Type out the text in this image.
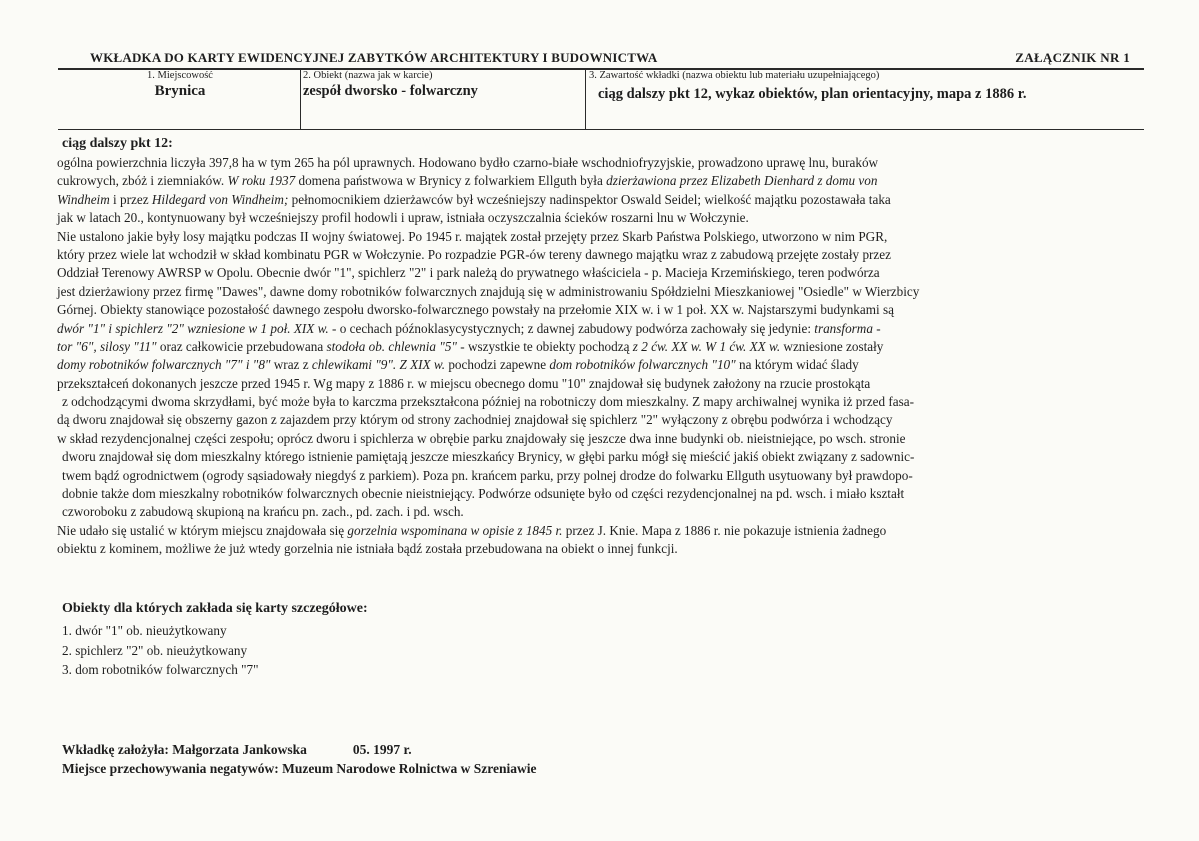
WKŁADKA DO KARTY EWIDENCYJNEJ ZABYTKÓW ARCHITEKTURY I BUDOWNICTWA	ZAŁĄCZNIK NR 1
1. Miejscowość
Brynica
2. Obiekt (nazwa jak w karcie)
zespół dworsko - folwarczny
3. Zawartość wkładki (nazwa obiektu lub materiału uzupełniającego)
ciąg dalszy pkt 12, wykaz obiektów, plan orientacyjny, mapa z 1886 r.
ciąg dalszy pkt 12:
ogólna powierzchnia liczyła 397,8 ha w tym 265 ha pól uprawnych. Hodowano bydło czarno-białe wschodniofryzyjskie, prowadzono uprawę lnu, buraków
cukrowych, zbóż i ziemniaków. W roku 1937 domena państwowa w Brynicy z folwarkiem Ellguth była dzierżawiona przez Elizabeth Dienhard z domu von
Windheim i przez Hildegard von Windheim; pełnomocnikiem dzierżawców był wcześniejszy nadinspektor Oswald Seidel; wielkość majątku pozostawała taka
jak w latach 20., kontynuowany był wcześniejszy profil hodowli i upraw, istniała oczyszczalnia ścieków roszarni lnu w Wołczynie.
Nie ustalono jakie były losy majątku podczas II wojny światowej. Po 1945 r. majątek został przejęty przez Skarb Państwa Polskiego, utworzono w nim PGR,
który przez wiele lat wchodził w skład kombinatu PGR w Wołczynie. Po rozpadzie PGR-ów tereny dawnego majątku wraz z zabudową przejęte zostały przez
Oddział Terenowy AWRSP w Opolu. Obecnie dwór "1", spichlerz "2" i park należą do prywatnego właściciela - p. Macieja Krzemińskiego, teren podwórza
jest dzierżawiony przez firmę "Dawes", dawne domy robotników folwarcznych znajdują się w administrowaniu Spółdzielni Mieszkaniowej "Osiedle" w Wierzbicy
Górnej. Obiekty stanowiące pozostałość dawnego zespołu dworsko-folwarcznego powstały na przełomie XIX w. i w 1 poł. XX w. Najstarszymi budynkami są
dwór "1" i spichlerz "2" wzniesione w 1 poł. XIX w. - o cechach późnoklasycystycznych; z dawnej zabudowy podwórza zachowały się jedynie: transforma -
tor "6", silosy "11" oraz całkowicie przebudowana stodoła ob. chlewnia "5" - wszystkie te obiekty pochodzą z 2 ćw. XX w. W 1 ćw. XX w. wzniesione zostały
domy robotników folwarcznych "7" i "8" wraz z chlewikami "9". Z XIX w. pochodzi zapewne dom robotników folwarcznych "10" na którym widać ślady
przekształceń dokonanych jeszcze przed 1945 r. Wg mapy z 1886 r. w miejscu obecnego domu "10" znajdował się budynek założony na rzucie prostokąta
z odchodzącymi dwoma skrzydłami, być może była to karczma przekształcona później na robotniczy dom mieszkalny. Z mapy archiwalnej wynika iż przed fasa-
dą dworu znajdował się obszerny gazon z zajazdem przy którym od strony zachodniej znajdował się spichlerz "2" wyłączony z obrębu podwórza i wchodzący
w skład rezydencjonalnej części zespołu; oprócz dworu i spichlerza w obrębie parku znajdowały się jeszcze dwa inne budynki ob. nieistniejące, po wsch. stronie
dworu znajdował się dom mieszkalny którego istnienie pamiętają jeszcze mieszkańcy Brynicy, w głębi parku mógł się mieścić jakiś obiekt związany z sadownic-
twem bądź ogrodnictwem (ogrody sąsiadowały niegdyś z parkiem). Poza pn. krańcem parku, przy polnej drodze do folwarku Ellguth usytuowany był prawdopo-
dobnie także dom mieszkalny robotników folwarcznych obecnie nieistniejący. Podwórze odsunięte było od części rezydencjonalnej na pd. wsch. i miało kształt
czworoboku z zabudową skupioną na krańcu pn. zach., pd. zach. i pd. wsch.
Nie udało się ustalić w którym miejscu znajdowała się gorzelnia wspominana w opisie z 1845 r. przez J. Knie. Mapa z 1886 r. nie pokazuje istnienia żadnego
obiektu z kominem, możliwe że już wtedy gorzelnia nie istniała bądź została przebudowana na obiekt o innej funkcji.
Obiekty dla których zakłada się karty szczegółowe:
1. dwór "1" ob. nieużytkowany
2. spichlerz "2" ob. nieużytkowany
3. dom robotników folwarcznych "7"
Wkładkę założyła: Małgorzata Jankowska	05. 1997 r.
Miejsce przechowywania negatywów: Muzeum Narodowe Rolnictwa w Szreniawie
